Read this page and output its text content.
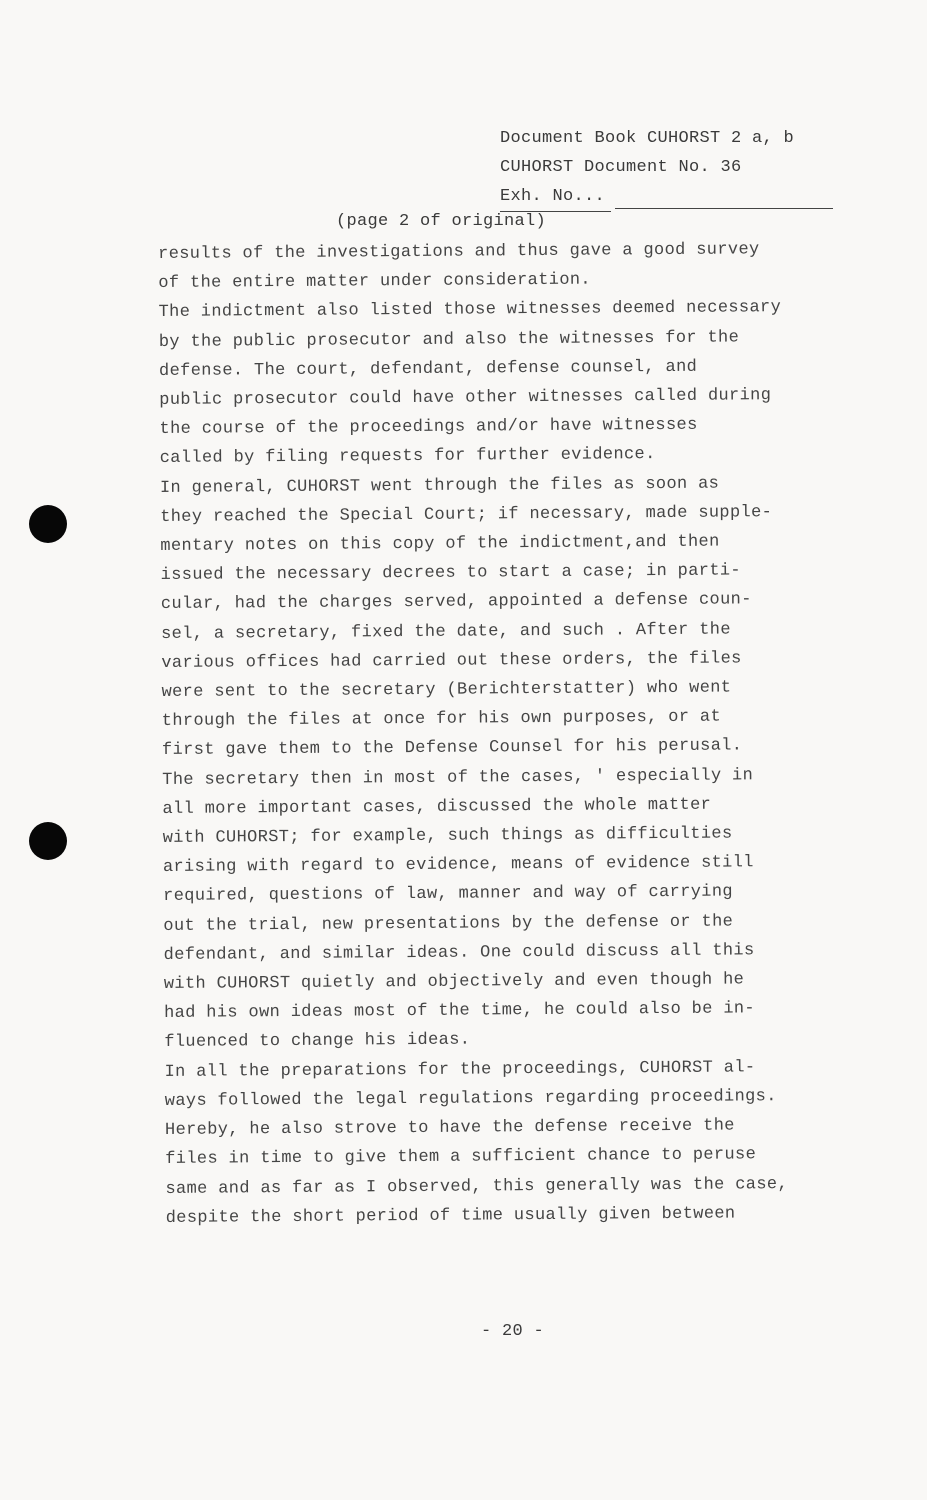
Document Book CUHORST 2 a, b
CUHORST Document No. 36
Exh. No...
(page 2 of original)
results of the investigations and thus gave a good survey
of the entire matter under consideration.
The indictment also listed those witnesses deemed necessary
by the public prosecutor and also the witnesses for the
defense. The court, defendant, defense counsel, and
public prosecutor could have other witnesses called during
the course of the proceedings and/or have witnesses
called by filing requests for further evidence.
In general, CUHORST went through the files as soon as
they reached the Special Court; if necessary, made supple-
mentary notes on this copy of the indictment,and then
issued the necessary decrees to start a case; in parti-
cular, had the charges served, appointed a defense coun-
sel, a secretary, fixed the date, and such . After the
various offices had carried out these orders, the files
were sent to the secretary (Berichterstatter) who went
through the files at once for his own purposes, or at
first gave them to the Defense Counsel for his perusal.
The secretary then in most of the cases, ' especially in
all more important cases, discussed the whole matter
with CUHORST; for example, such things as difficulties
arising with regard to evidence, means of evidence still
required, questions of law, manner and way of carrying
out the trial, new presentations by the defense or the
defendant, and similar ideas. One could discuss all this
with CUHORST quietly and objectively and even though he
had his own ideas most of the time, he could also be in-
fluenced to change his ideas.
In all the preparations for the proceedings, CUHORST al-
ways followed the legal regulations regarding proceedings.
Hereby, he also strove to have the defense receive the
files in time to give them a sufficient chance to peruse
same and as far as I observed, this generally was the case,
despite the short period of time usually given between
- 20 -
